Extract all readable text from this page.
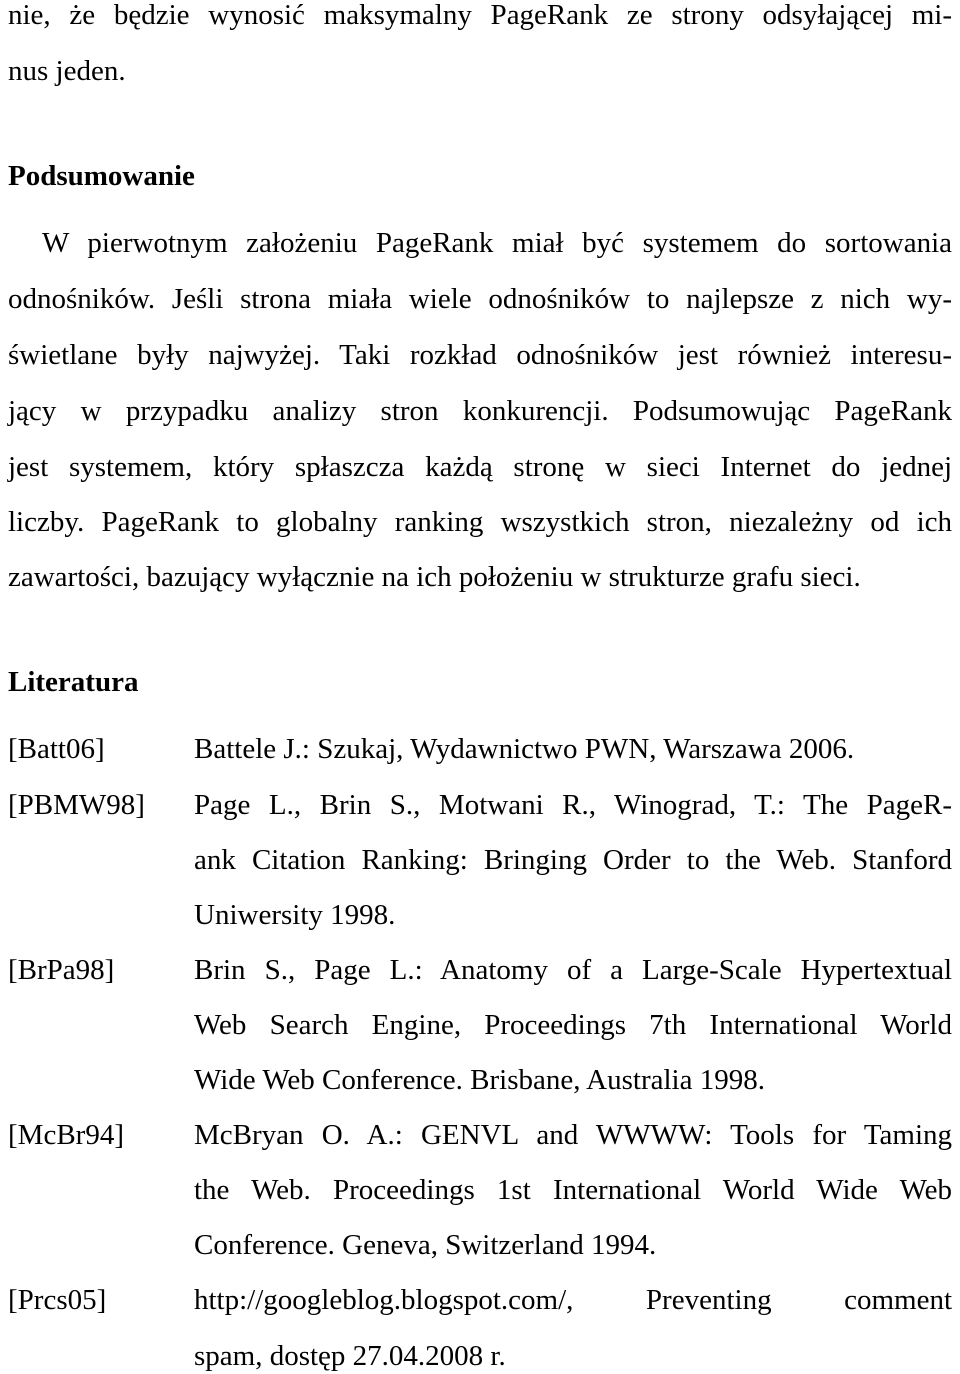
nie, że będzie wynosić maksymalny PageRank ze strony odsyłającej mi-
nus jeden.
Podsumowanie
W pierwotnym założeniu PageRank miał być systemem do sortowania
odnośników. Jeśli strona miała wiele odnośników to najlepsze z nich wy-
świetlane były najwyżej. Taki rozkład odnośników jest również interesu-
jący w przypadku analizy stron konkurencji. Podsumowując PageRank
jest systemem, który spłaszcza każdą stronę w sieci Internet do jednej
liczby. PageRank to globalny ranking wszystkich stron, niezależny od ich
zawartości, bazujący wyłącznie na ich położeniu w strukturze grafu sieci.
Literatura
[Batt06]	Battele J.: Szukaj, Wydawnictwo PWN, Warszawa 2006.
[PBMW98] Page L., Brin S., Motwani R., Winograd, T.: The PageR-
ank Citation Ranking: Bringing Order to the Web. Stanford
Uniwersity 1998.
[BrPa98]	Brin S., Page L.: Anatomy of a Large-Scale Hypertextual
Web Search Engine, Proceedings 7th International World
Wide Web Conference. Brisbane, Australia 1998.
[McBr94] McBryan O. A.: GENVL and WWWW: Tools for Taming
the Web. Proceedings 1st International World Wide Web
Conference. Geneva, Switzerland 1994.
[Prcs05]	http://googleblog.blogspot.com/, Preventing comment
spam, dostęp 27.04.2008 r.
